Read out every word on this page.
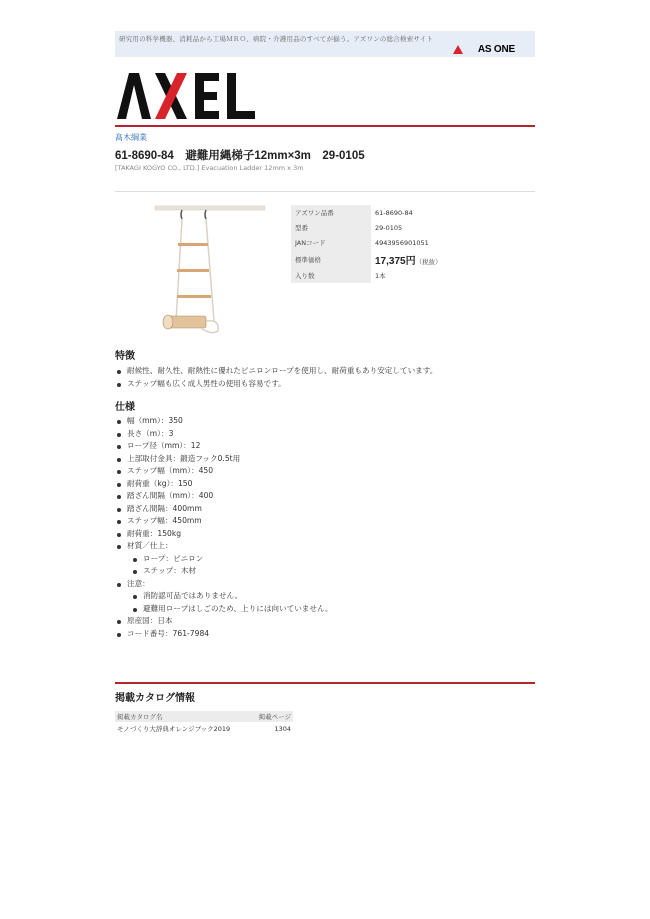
研究用の科学機器、消耗品から工場ＭＲＯ、病院・介護用品のすべてが揃う。アズワンの総合検索サイト
AS ONE
髙木綱業
61-8690-84　避難用縄梯子12mm×3m　29-0105
[TAKAGI KOGYO CO., LTD.] Evacuation Ladder 12mm x 3m
アズワン品番	61-8690-84
型番	29-0105
JANコード	4943956901051
標準価格	17,375円（税抜）
入り数	1本
特徴
耐候性、耐久性、耐熱性に優れたビニロンロープを使用し、耐荷重もあり安定しています。
ステップ幅も広く成人男性の使用も容易です。
仕様
幅（mm）：350
長さ（m）：3
ロープ径（mm）：12
上部取付金具：鍛造フック0.5t用
ステップ幅（mm）：450
耐荷重（kg）：150
踏ざん間隔（mm）：400
踏ざん間隔：400mm
ステップ幅：450mm
耐荷重：150kg
材質／仕上：
ロープ：ビニロン
ステップ：木材
注意：
消防認可品ではありません。
避難用ロープはしごのため、上りには向いていません。
原産国：日本
コード番号：761-7984
掲載カタログ情報
掲載カタログ名	掲載ページ
モノづくり大辞典オレンジブック2019	1304
